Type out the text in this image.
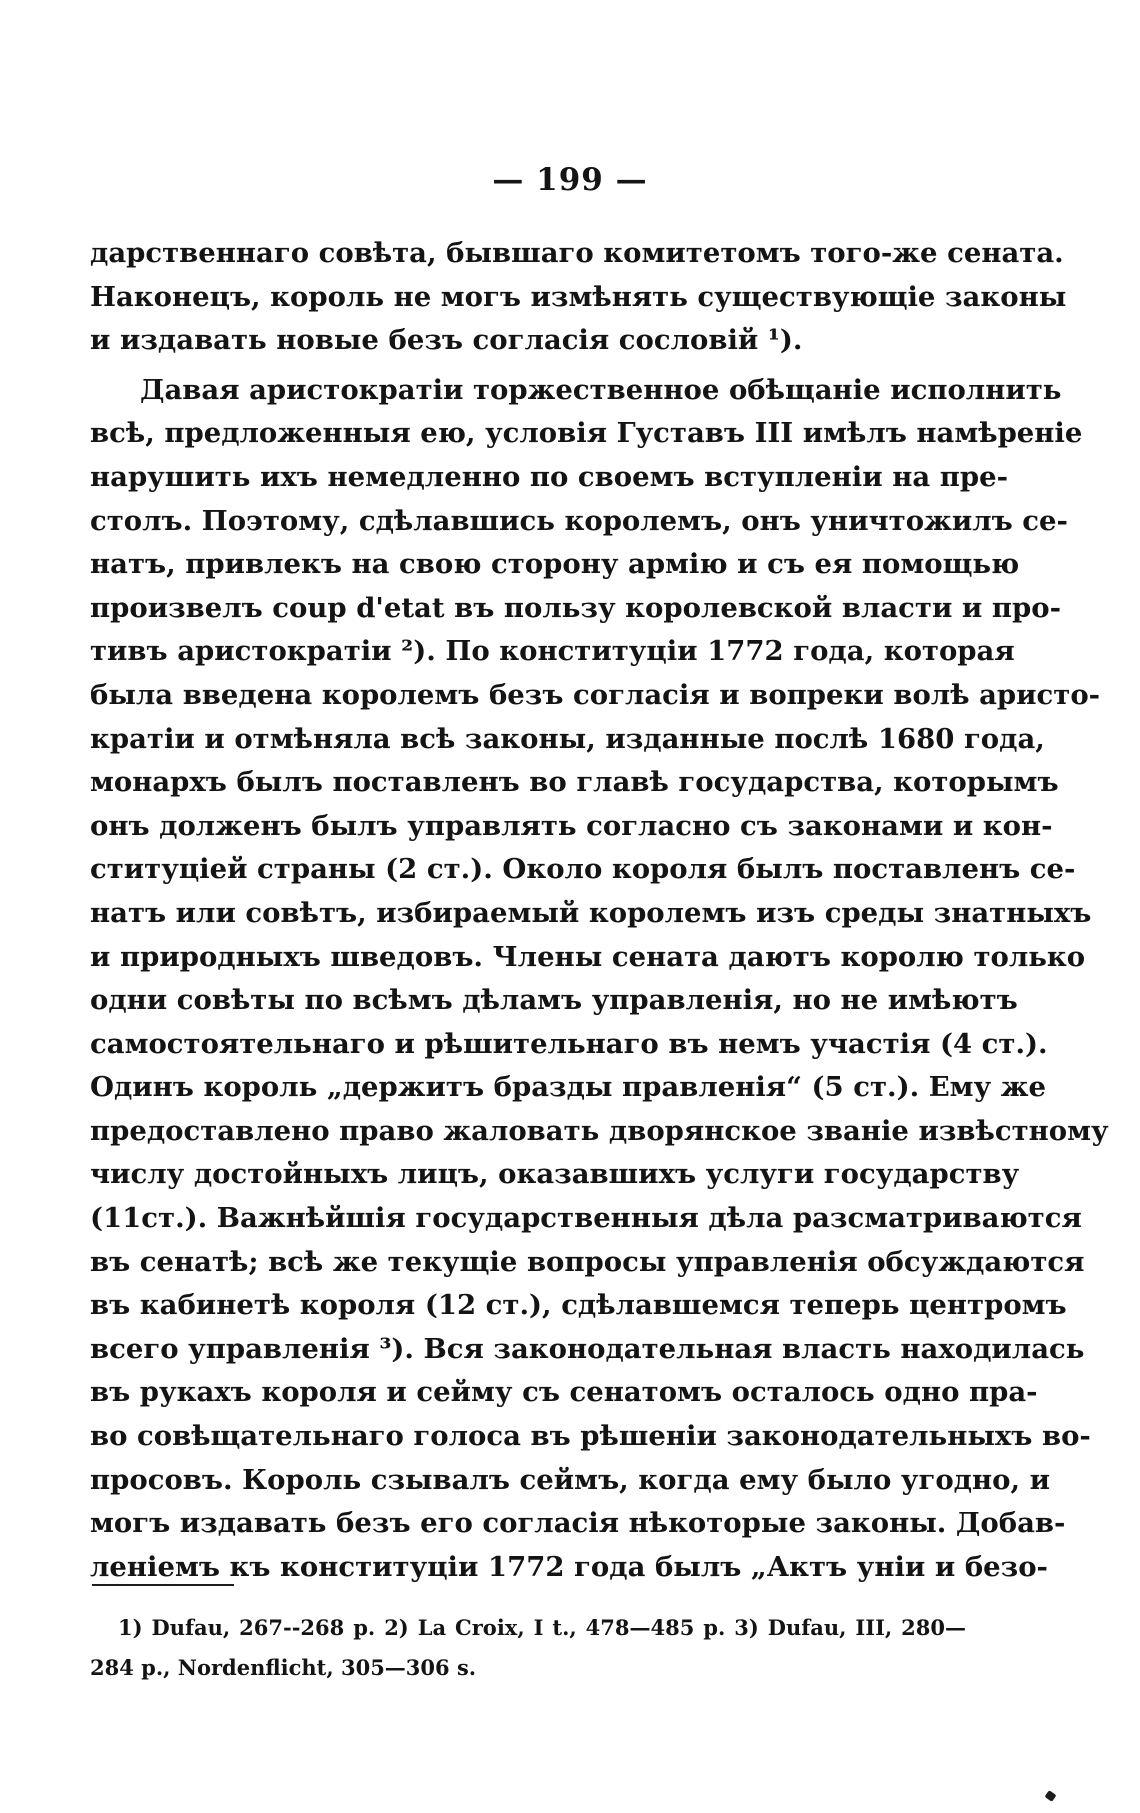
— 199 —
дарственнаго совѣта, бывшаго комитетомъ того-же сената.
Наконецъ, король не могъ измѣнять существующіе законы
и издавать новые безъ согласія сословій ¹).
Давая аристократіи торжественное обѣщаніе исполнить
всѣ, предложенныя ею, условія Густавъ III имѣлъ намѣреніе
нарушить ихъ немедленно по своемъ вступленіи на пре-
столъ. Поэтому, сдѣлавшись королемъ, онъ уничтожилъ се-
натъ, привлекъ на свою сторону армію и съ ея помощью
произвелъ coup d'etat въ пользу королевской власти и про-
тивъ аристократіи ²). По конституціи 1772 года, которая
была введена королемъ безъ согласія и вопреки волѣ аристо-
кратіи и отмѣняла всѣ законы, изданные послѣ 1680 года,
монархъ былъ поставленъ во главѣ государства, которымъ
онъ долженъ былъ управлять согласно съ законами и кон-
ституціей страны (2 ст.). Около короля былъ поставленъ се-
натъ или совѣтъ, избираемый королемъ изъ среды знатныхъ
и природныхъ шведовъ. Члены сената даютъ королю только
одни совѣты по всѣмъ дѣламъ управленія, но не имѣютъ
самостоятельнаго и рѣшительнаго въ немъ участія (4 ст.).
Одинъ король „держитъ бразды правленія“ (5 ст.). Ему же
предоставлено право жаловать дворянское званіе извѣстному
числу достойныхъ лицъ, оказавшихъ услуги государству
(11ст.). Важнѣйшія государственныя дѣла разсматриваются
въ сенатѣ; всѣ же текущіе вопросы управленія обсуждаются
въ кабинетѣ короля (12 ст.), сдѣлавшемся теперь центромъ
всего управленія ³). Вся законодательная власть находилась
въ рукахъ короля и сейму съ сенатомъ осталось одно пра-
во совѣщательнаго голоса въ рѣшеніи законодательныхъ во-
просовъ. Король сзывалъ сеймъ, когда ему было угодно, и
могъ издавать безъ его согласія нѣкоторые законы. Добав-
леніемъ къ конституціи 1772 года былъ „Актъ уніи и безо-
1) Dufau, 267--268 p. 2) La Croix, I t., 478—485 p. 3) Dufau, III, 280—
284 p., Nordenflicht, 305—306 s.
